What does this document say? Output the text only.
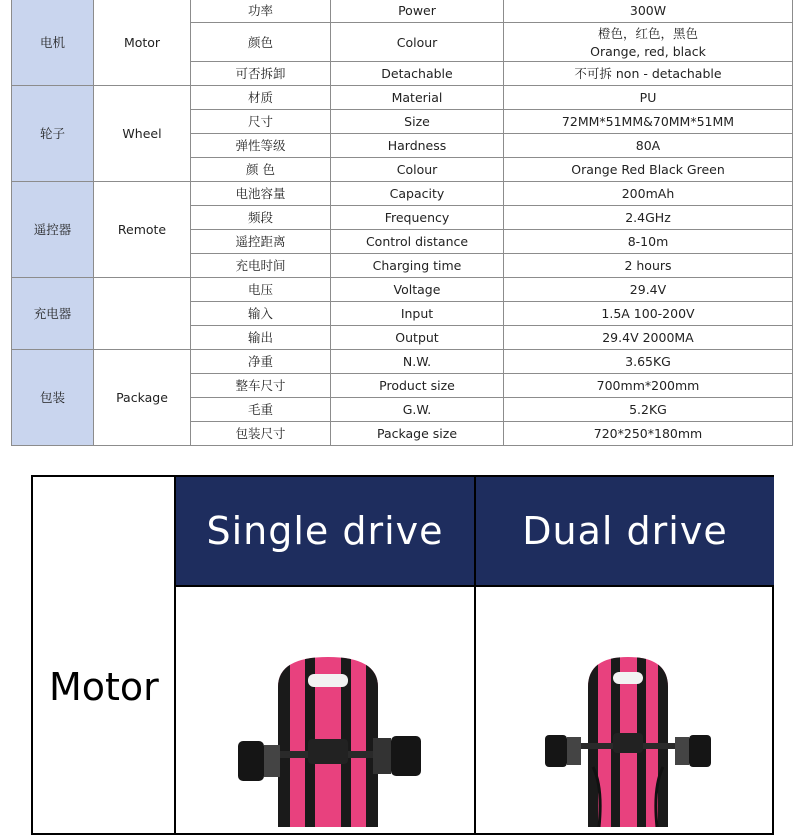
电机	Motor	功率	Power	300W

		颜色	Colour	橙色，红色，黑色
Orange, red, black

		可否拆卸	Detachable	不可拆 non - detachable

轮子	Wheel	材质	Material	PU

		尺寸	Size	72MM*51MM&70MM*51MM

		弹性等级	Hardness	80A

		颜 色	Colour	Orange Red Black Green

遥控器	Remote	电池容量	Capacity	200mAh

		频段	Frequency	2.4GHz

		遥控距离	Control distance	8-10m

		充电时间	Charging time	2 hours

充电器		电压	Voltage	29.4V

		输入	Input	1.5A 100-200V

		输出	Output	29.4V 2000MA

包装	Package	净重	N.W.	3.65KG

		整车尺寸	Product size	700mm*200mm

		毛重	G.W.	5.2KG

		包装尺寸	Package size	720*250*180mm
Single drive	Dual drive
Motor
